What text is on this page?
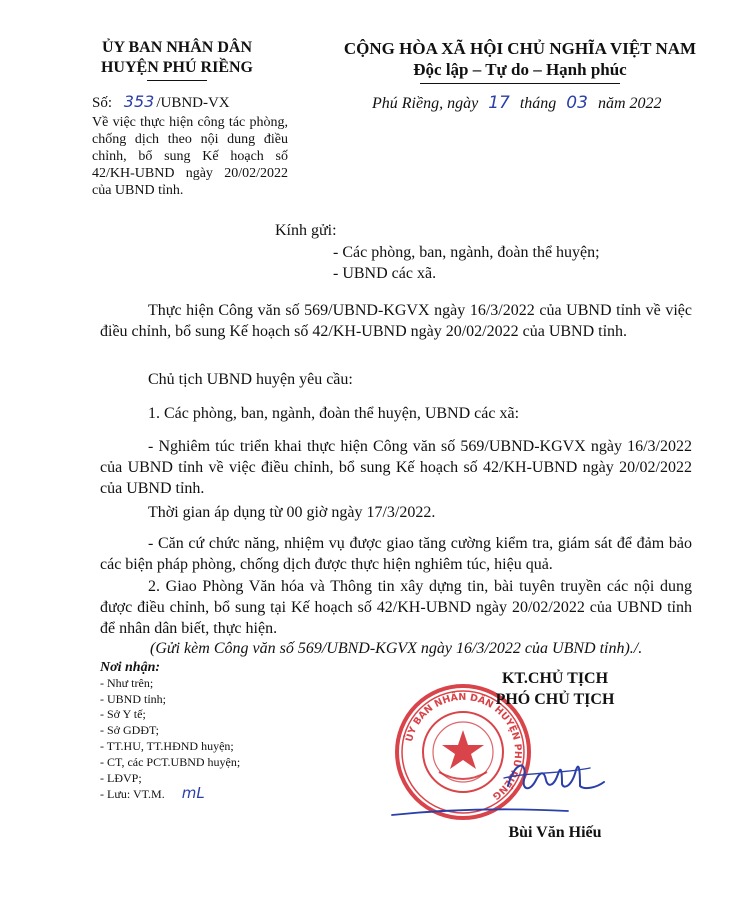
ỦY BAN NHÂN DÂN
HUYỆN PHÚ RIỀNG
CỘNG HÒA XÃ HỘI CHỦ NGHĨA VIỆT NAM
Độc lập – Tự do – Hạnh phúc
Số: 353 /UBND-VX	Phú Riềng, ngày 17 tháng 03 năm 2022
Về việc thực hiện công tác phòng, chống dịch theo nội dung điều chỉnh, bổ sung Kế hoạch số 42/KH-UBND ngày 20/02/2022 của UBND tỉnh.
Kính gửi:
- Các phòng, ban, ngành, đoàn thể huyện;
- UBND các xã.
Thực hiện Công văn số 569/UBND-KGVX ngày 16/3/2022 của UBND tỉnh về việc điều chỉnh, bổ sung Kế hoạch số 42/KH-UBND ngày 20/02/2022 của UBND tỉnh.
Chủ tịch UBND huyện yêu cầu:
1. Các phòng, ban, ngành, đoàn thể huyện, UBND các xã:
- Nghiêm túc triển khai thực hiện Công văn số 569/UBND-KGVX ngày 16/3/2022 của UBND tỉnh về việc điều chỉnh, bổ sung Kế hoạch số 42/KH-UBND ngày 20/02/2022 của UBND tỉnh.
Thời gian áp dụng từ 00 giờ ngày 17/3/2022.
- Căn cứ chức năng, nhiệm vụ được giao tăng cường kiểm tra, giám sát để đảm bảo các biện pháp phòng, chống dịch được thực hiện nghiêm túc, hiệu quả.
2. Giao Phòng Văn hóa và Thông tin xây dựng tin, bài tuyên truyền các nội dung được điều chỉnh, bổ sung tại Kế hoạch số 42/KH-UBND ngày 20/02/2022 của UBND tỉnh để nhân dân biết, thực hiện.
(Gửi kèm Công văn số 569/UBND-KGVX ngày 16/3/2022 của UBND tỉnh)./.
Nơi nhận:
- Như trên;
- UBND tỉnh;
- Sở Y tế;
- Sở GDĐT;
- TT.HU, TT.HĐND huyện;
- CT, các PCT.UBND huyện;
- LĐVP;
- Lưu: VT.M. mL
ỦY BAN NHÂN DÂN HUYỆN PHÚ RIỀNG
KT.CHỦ TỊCH
PHÓ CHỦ TỊCH
Bùi Văn Hiếu
